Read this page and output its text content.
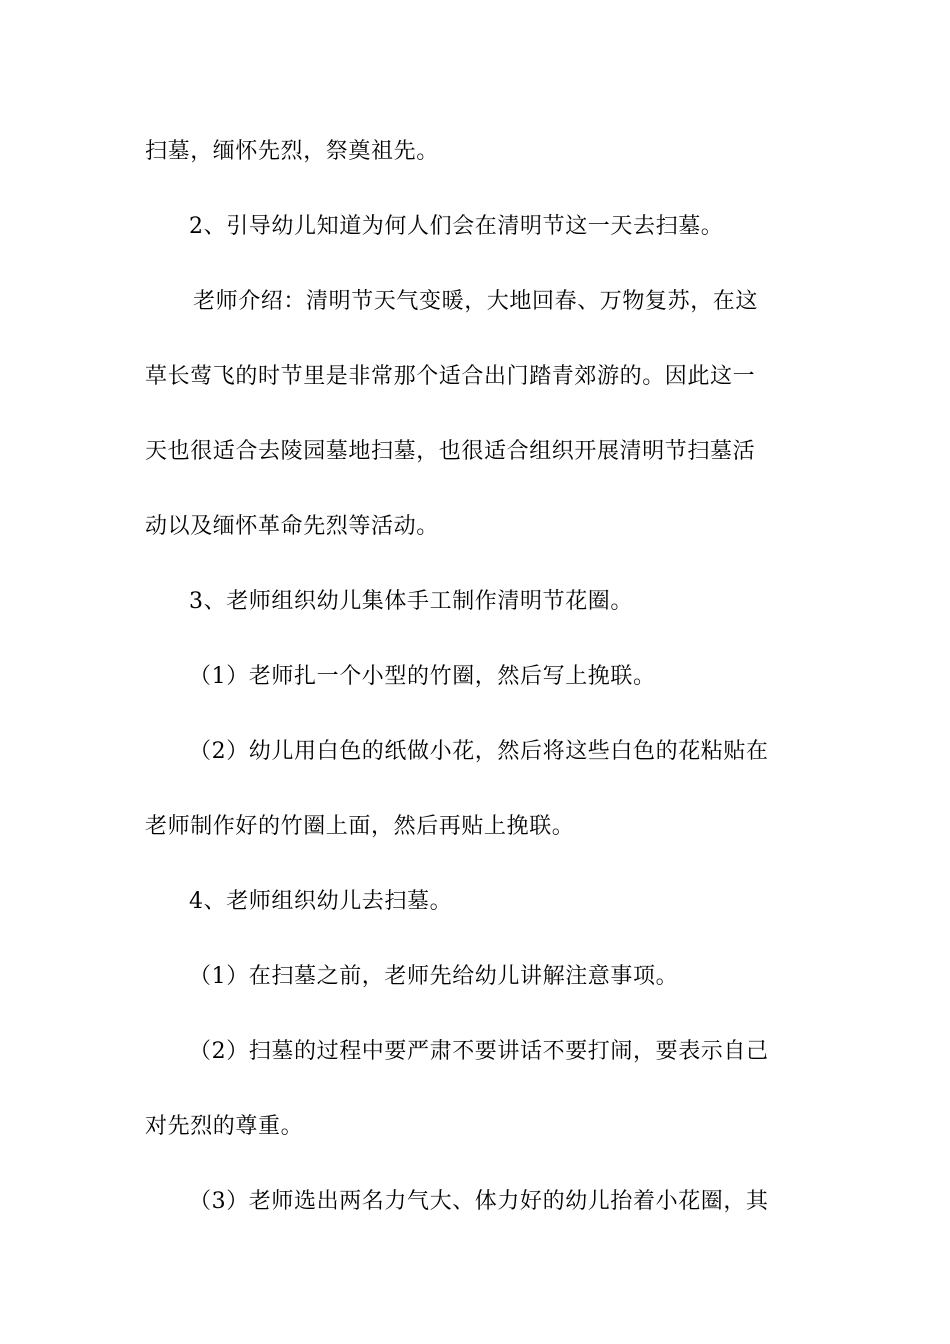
扫墓，缅怀先烈，祭奠祖先。

2、引导幼儿知道为何人们会在清明节这一天去扫墓。

老师介绍：清明节天气变暖，大地回春、万物复苏，在这

草长莺飞的时节里是非常那个适合出门踏青郊游的。因此这一

天也很适合去陵园墓地扫墓，也很适合组织开展清明节扫墓活

动以及缅怀革命先烈等活动。

3、老师组织幼儿集体手工制作清明节花圈。

（1）老师扎一个小型的竹圈，然后写上挽联。

（2）幼儿用白色的纸做小花，然后将这些白色的花粘贴在

老师制作好的竹圈上面，然后再贴上挽联。

4、老师组织幼儿去扫墓。

（1）在扫墓之前，老师先给幼儿讲解注意事项。

（2）扫墓的过程中要严肃不要讲话不要打闹，要表示自己

对先烈的尊重。

（3）老师选出两名力气大、体力好的幼儿抬着小花圈，其
